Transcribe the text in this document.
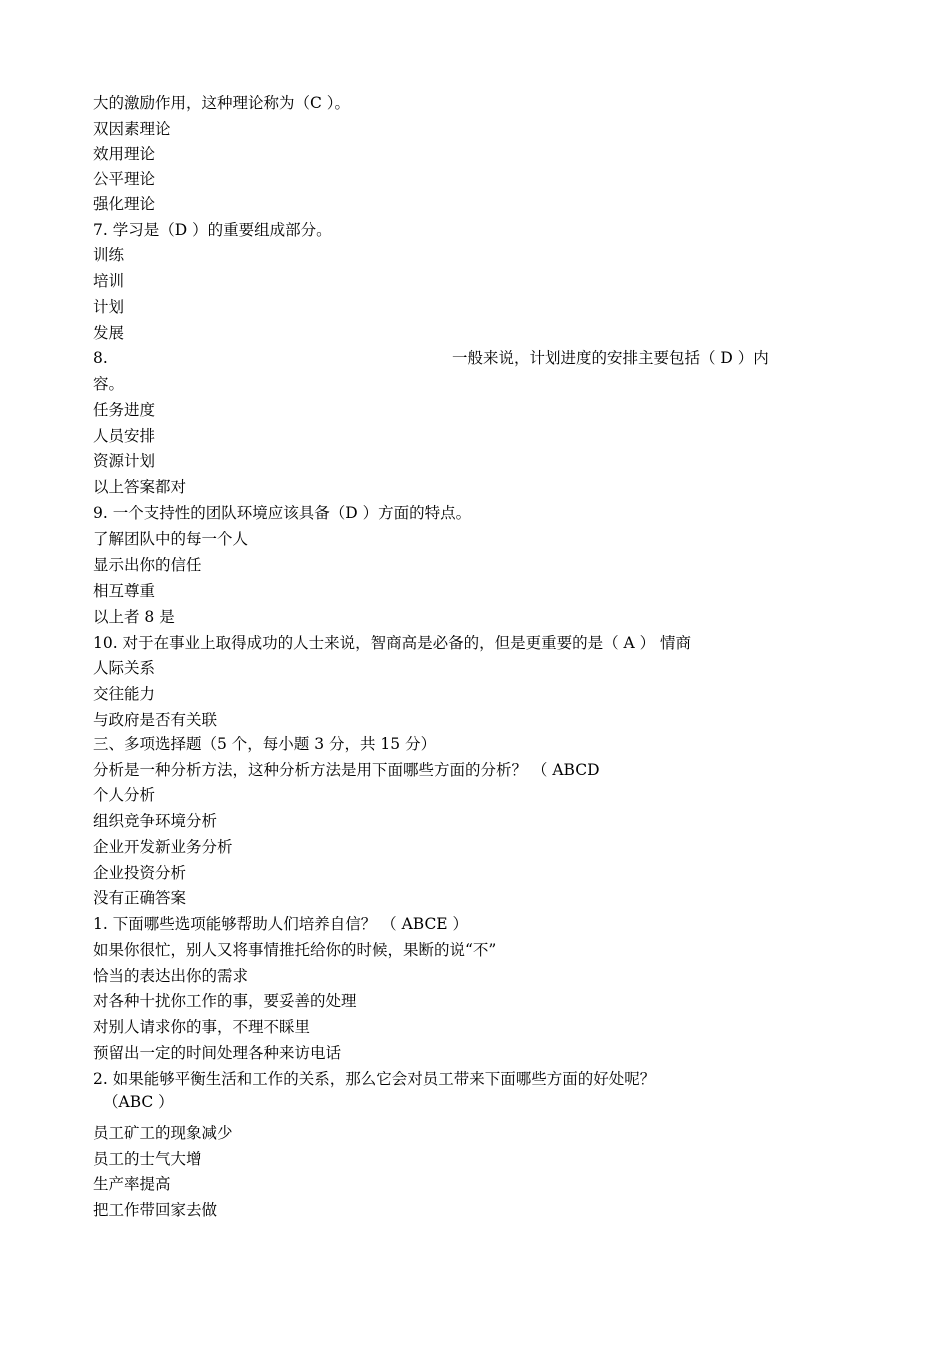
大的激励作用，这种理论称为（C ）。
双因素理论
效用理论
公平理论
强化理论
7. 学习是（D ）的重要组成部分。
训练
培训
计划
发展
8.	一般来说，计划进度的安排主要包括（ D ）内
容。
任务进度
人员安排
资源计划
以上答案都对
9. 一个支持性的团队环境应该具备（D ）方面的特点。
了解团队中的每一个人
显示出你的信任
相互尊重
以上者 8 是
10. 对于在事业上取得成功的人士来说，智商高是必备的，但是更重要的是（ A ） 情商
人际关系
交往能力
与政府是否有关联
三、多项选择题（5 个，每小题 3 分，共 15 分）
分析是一种分析方法，这种分析方法是用下面哪些方面的分析？ （ ABCD
个人分析
组织竞争环境分析
企业开发新业务分析
企业投资分析
没有正确答案
1. 下面哪些选项能够帮助人们培养自信？ （ ABCE ）
如果你很忙，别人又将事情推托给你的时候，果断的说“不”
恰当的表达出你的需求
对各种十扰你工作的事，要妥善的处理
对别人请求你的事，不理不睬里
预留出一定的时间处理各种来访电话
2. 如果能够平衡生活和工作的关系，那么它会对员工带来下面哪些方面的好处呢？
（ABC ）
员工矿工的现象减少
员工的士气大增
生产率提高
把工作带回家去做
